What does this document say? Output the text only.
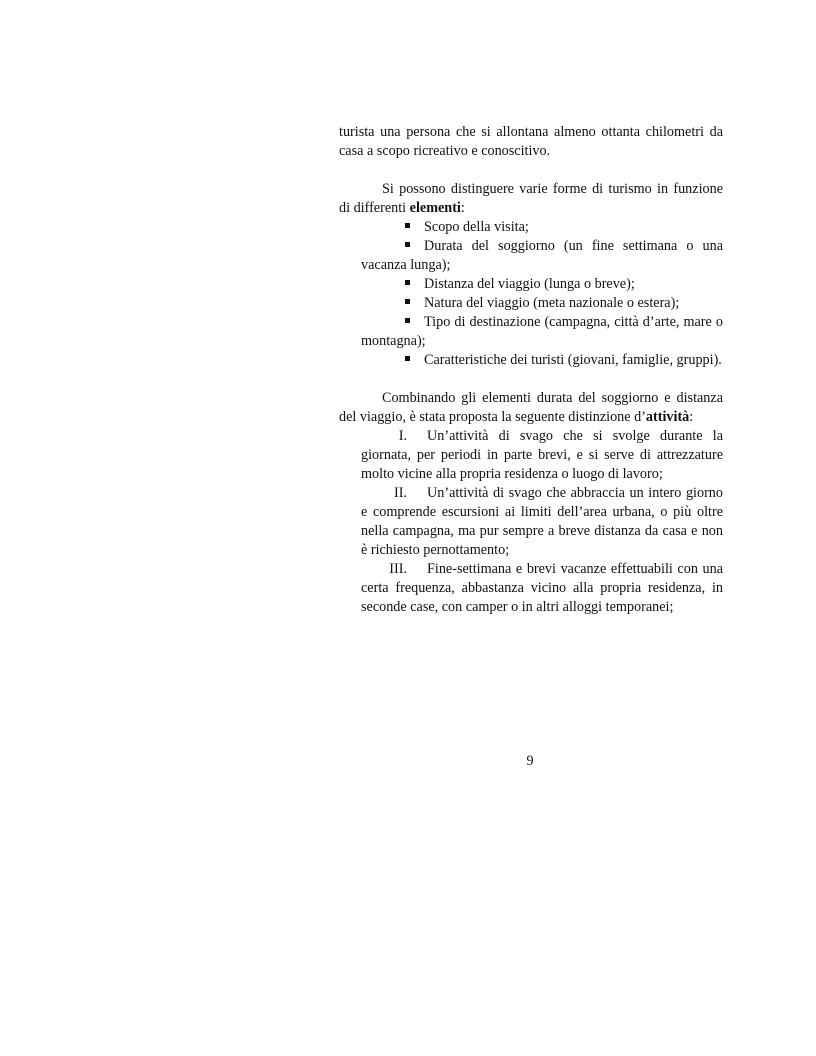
turista una persona che si allontana almeno ottanta chilometri da casa a scopo ricreativo e conoscitivo.

Si possono distinguere varie forme di turismo in funzione di differenti elementi:

Scopo della visita;
Durata del soggiorno (un fine settimana o una vacanza lunga);
Distanza del viaggio (lunga o breve);
Natura del viaggio (meta nazionale o estera);
Tipo di destinazione (campagna, città d’arte, mare o montagna);
Caratteristiche dei turisti (giovani, famiglie, gruppi).

Combinando gli elementi durata del soggiorno e distanza del viaggio, è stata proposta la seguente distinzione d’attività:

I. Un’attività di svago che si svolge durante la giornata, per periodi in parte brevi, e si serve di attrezzature molto vicine alla propria residenza o luogo di lavoro;
II. Un’attività di svago che abbraccia un intero giorno e comprende escursioni ai limiti dell’area urbana, o più oltre nella campagna, ma pur sempre a breve distanza da casa e non è richiesto pernottamento;
III. Fine-settimana e brevi vacanze effettuabili con una certa frequenza, abbastanza vicino alla propria residenza, in seconde case, con camper o in altri alloggi temporanei;
9
